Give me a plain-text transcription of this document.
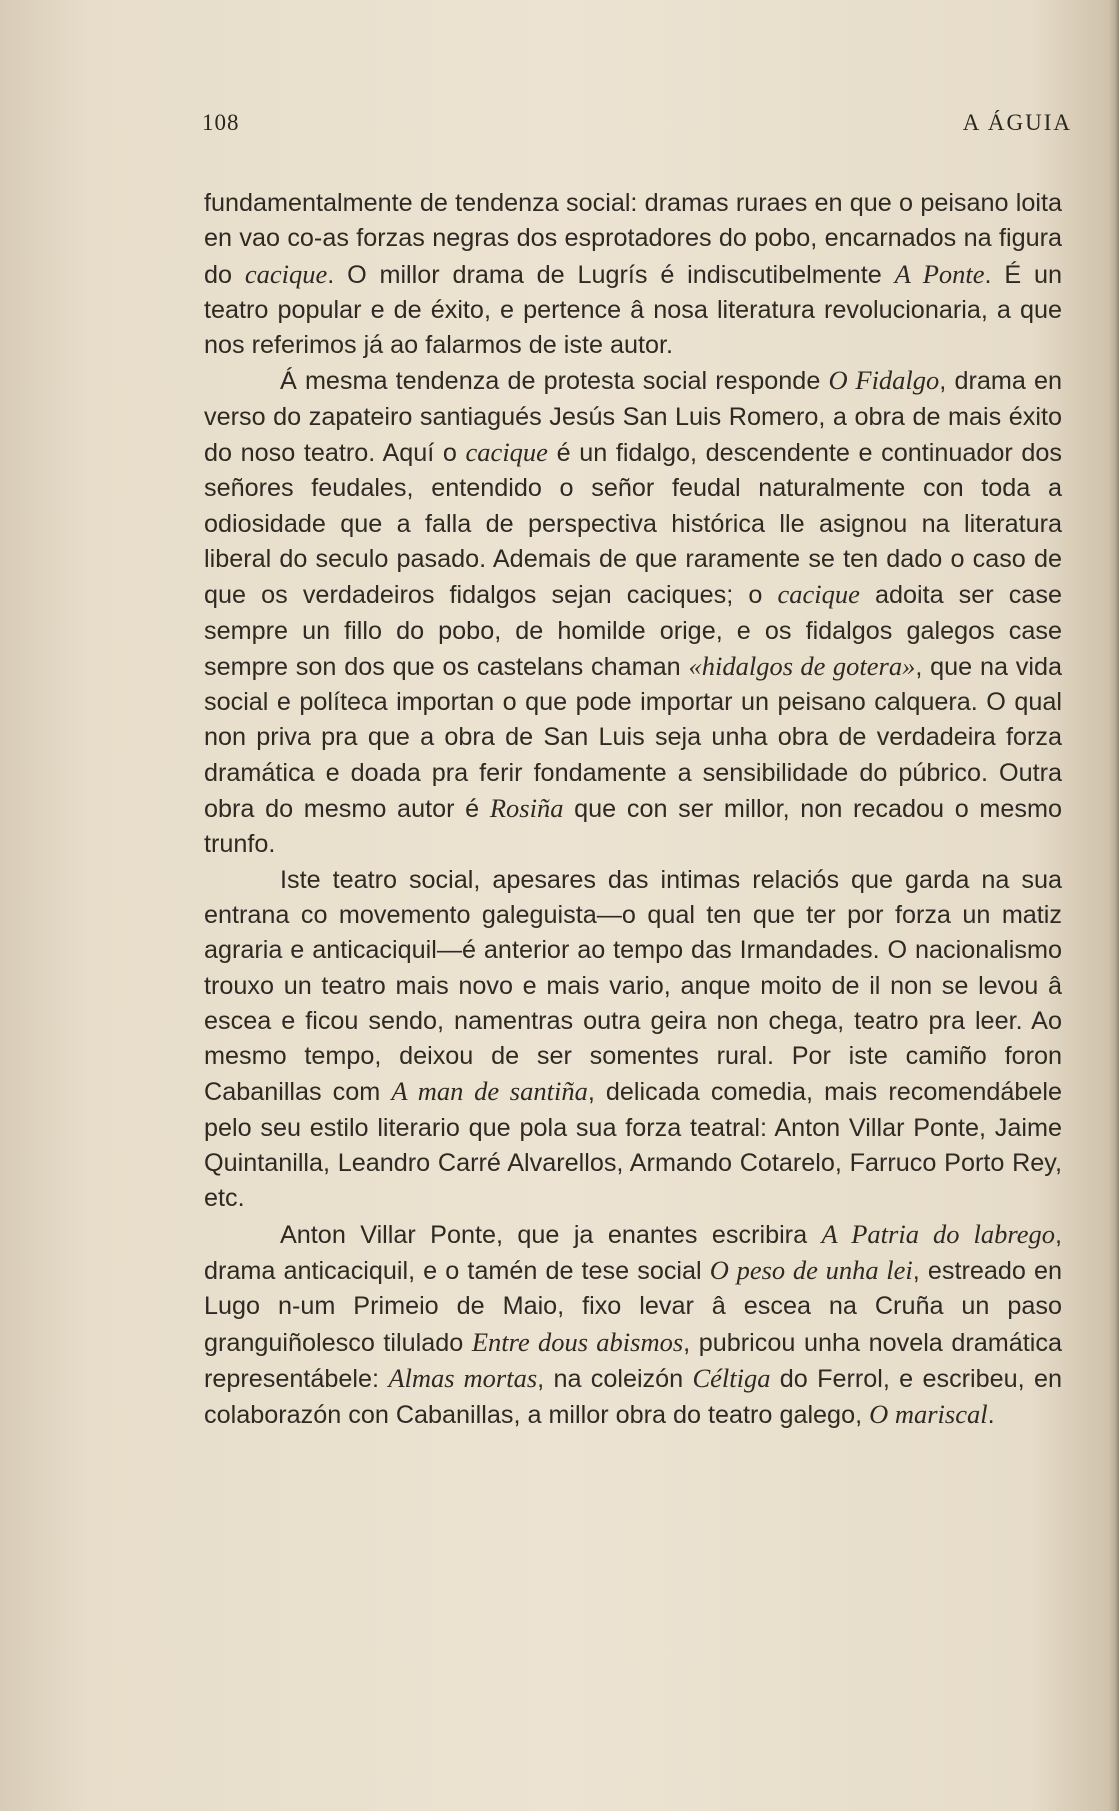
108	A ÁGUIA

fundamentalmente de tendenza social: dramas ruraes en que o peisano loita en vao co-as forzas negras dos esprotadores do pobo, encarnados na figura do cacique. O millor drama de Lugrís é indiscutibelmente A Ponte. É un teatro popular e de éxito, e pertence â nosa literatura revolucionaria, a que nos referimos já ao falarmos de iste autor.

Á mesma tendenza de protesta social responde O Fidalgo, drama en verso do zapateiro santiagués Jesús San Luis Romero, a obra de mais éxito do noso teatro. Aquí o cacique é un fidalgo, descendente e continuador dos señores feudales, entendido o señor feudal naturalmente con toda a odiosidade que a falla de perspectiva histórica lle asignou na literatura liberal do seculo pasado. Ademais de que raramente se ten dado o caso de que os verdadeiros fidalgos sejan caciques; o cacique adoita ser case sempre un fillo do pobo, de homilde orige, e os fidalgos galegos case sempre son dos que os castelans chaman «hidalgos de gotera», que na vida social e políteca importan o que pode importar un peisano calquera. O qual non priva pra que a obra de San Luis seja unha obra de verdadeira forza dramática e doada pra ferir fondamente a sensibilidade do púbrico. Outra obra do mesmo autor é Rosiña que con ser millor, non recadou o mesmo trunfo.

Iste teatro social, apesares das intimas relaciós que garda na sua entrana co movemento galeguista—o qual ten que ter por forza un matiz agraria e anticaciquil—é anterior ao tempo das Irmandades. O nacionalismo trouxo un teatro mais novo e mais vario, anque moito de il non se levou â escea e ficou sendo, namentras outra geira non chega, teatro pra leer. Ao mesmo tempo, deixou de ser somentes rural. Por iste camiño foron Cabanillas com A man de santiña, delicada comedia, mais recomendábele pelo seu estilo literario que pola sua forza teatral: Anton Villar Ponte, Jaime Quintanilla, Leandro Carré Alvarellos, Armando Cotarelo, Farruco Porto Rey, etc.

Anton Villar Ponte, que ja enantes escribira A Patria do labrego, drama anticaciquil, e o tamén de tese social O peso de unha lei, estreado en Lugo n-um Primeio de Maio, fixo levar â escea na Cruña un paso granguiñolesco tilulado Entre dous abismos, pubricou unha novela dramática representábele: Almas mortas, na coleizón Céltiga do Ferrol, e escribeu, en colaborazón con Cabanillas, a millor obra do teatro galego, O mariscal.
